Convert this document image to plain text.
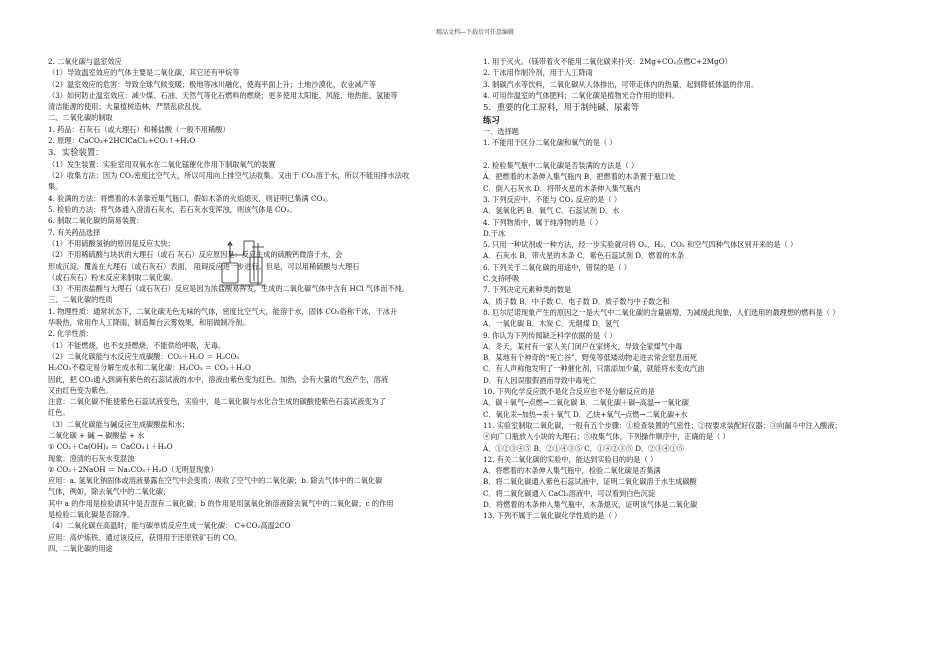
精品文档---下载后可任意编辑
2. 二氧化碳与温室效应
（1）导致温室效应的气体主要是二氧化碳，其它还有甲烷等
（2）温室效应的危害：导致全球气候变暖；极地等冰川融化，使海平面上升；土地沙漠化，农业减产等
（3）如何防止温室效应：减少煤、石油、天然气等化石燃料的燃烧；更多使用太阳能、风能、地热能、氢能等
清洁能源的使用；大量植树造林，严禁乱砍乱伐。
二、二氧化碳的制取
1. 药品：石灰石（或大理石）和稀盐酸（一般不用稀酸）
2. 原理：CaCO₃+2HClCaCl₂+CO₂↑+H₂O
3．实验装置：
（1）发生装置：实验室用双氧水在二氧化锰催化作用下制取氧气的装置
（2）收集方法：因为 CO₂密度比空气大，所以可用向上排空气法收集。又由于 CO₂溶于水，所以不能用排水法收
集。
4. 验满的方法：将燃着的木条靠近集气瓶口，假如木条的火焰熄灭，则证明已集满 CO₂。
5. 检验的方法：将气体通入澄清石灰水，若石灰水变浑浊，则该气体是 CO₂。
6. 制取二氧化碳的简易装置：
7. 有关药品选择
（1）不用硫酸氢钠的原因是反应太快；
（2）不用稀硫酸与块状的大理石（或石 灰石）反应原因是：反应生成的硫酸钙微溶于水，会
形成沉淀，覆盖在大理石（或石灰石）表面， 阻碍反应进一步进行。但是，可以用稀硫酸与大理石
（或石灰石）粉末反应来制取二氧化碳。
（3）不用浓盐酸与大理石（或石灰石）反应是因为浓盐酸易挥发，生成的二氧化碳气体中含有 HCl 气体而不纯。
三、二氧化碳的性质
1. 物理性质：通常状态下，二氧化碳无色无味的气体，密度比空气大，能溶于水，固体 CO₂俗称干冰，干冰升
华吸热，常用作人工降雨，制造舞台云雾效果，和用做制冷剂。
2. 化学性质：
（1）不能燃烧，也不支持燃烧，不能供给呼吸，无毒。
（2）二氧化碳能与水反应生成碳酸：CO₂＋H₂O ＝ H₂CO₃
H₂CO₃不稳定易分解生成水和二氧化碳：H₂CO₃ ＝ CO₂＋H₂O
因此，把 CO₂通入到滴有紫色的石蕊试液的水中，溶液由紫色变为红色。加热，会有大量的气泡产生，溶液
又由红色变为紫色。
注意：二氧化碳不能使紫色石蕊试液变色，实验中，是二氧化碳与水化合生成的碳酸使紫色石蕊试液变为了
红色。
（3）二氧化碳能与碱反应生成碳酸盐和水；
二氧化碳 + 碱 → 碳酸盐 + 水
① CO₂＋Ca(OH)₂ ＝ CaCO₃↓＋H₂O
现象：澄清的石灰水变混浊
② CO₂＋2NaOH ＝ Na₂CO₃＋H₂O（无明显现象）
应用：a. 氢氧化钠固体或溶液暴露在空气中会变质；吸收了空气中的二氧化碳；b. 除去气体中的二氧化碳
气体，例如，除去氧气中的二氧化碳；
其中 a 的作用是检验请其中是否混有二氧化碳；b 的作用是用氢氧化钠溶液除去氧气中的二氧化碳；c 的作用
是检验二氧化碳是否除净。
（4）二氧化碳在高温时，能与碳单质反应生成一氧化碳： C+CO₂高温2CO
应用：高炉炼铁、通过该反应，获得用于还原铁矿石的 CO。
四、二氧化碳的用途
1. 用于灭火。（镁带着火不能用二氧化碳来扑灭：2Mg+CO₂点燃C+2MgO）
2. 干冰用作制冷剂，用于人工降雨
3. 制碳汽水等饮料，二氧化碳从人体排出，可带走体内的热量，起到降低体温的作用。
4. 可用作温室的气体肥料；二氧化碳是植物光合作用的原料。
5．重要的化工原料，用于制纯碱、尿素等
练习
一、选择题
1. 不能用于区分二氧化碳和氧气的是（ ）

2. 检验集气瓶中二氧化碳是否装满的方法是（ ）
A．把燃着的木条伸入集气瓶内 B．把燃着的木条置于瓶口处
C．倒入石灰水 D．将带火星的木条伸入集气瓶内
3. 下列反应中，不能与 CO₂ 反应的是（ ）
A．氢氧化钙 B．氧气 C．石蕊试剂 D．水
4. 下列物质中，属于纯净物的是（ ）
D.干冰
5. 只用一种试剂或一种方法，经一步实验就可将 O₂、H₂、CO₂ 和空气四种气体区别开来的是（ ）
A．石灰水 B．带火星的木条 C．紫色石蕊试剂 D．燃着的木条
6. 下列关于二氧化碳的用途中，错误的是（ ）
C.支持呼吸
7. 下列决定元素种类的数是
A．质子数 B．中子数 C．电子数 D．质子数与中子数之和
8. 厄尔尼诺现象产生的原因之一是大气中二氧化碳的含量剧增，为减缓此现象，人们选用的最理想的燃料是（ ）
A．一氧化碳 B．木炭 C．无烟煤 D．氢气
9. 你认为下列传闻缺乏科学依据的是（ ）
A．冬天，某村有一家人关门闭户在家烤火，导致全家煤气中毒
B．某地有个神奇的“死亡谷”，野兔等低矮动物走进去常会窒息而死
C．有人声称他发明了一种催化剂，只需添加少量，就能将水变成汽油
D．有人因误服假酒而导致中毒死亡
10. 下列化学反应既不是化合反应也不是分解反应的是
A．碳＋氧气─点燃→二氧化碳 B．二氧化碳＋碳─高温→一氧化碳
C．氧化汞─加热→汞＋氧气 D．乙炔+氧气─点燃→二氧化碳+水
11. 实验室制取二氧化碳，一般有五个步骤：①检查装置的气密性；②按要求装配好仪器；③向漏斗中注入酸液；
④向广口瓶放入小块的大理石；⑤收集气体，下列操作顺序中，正确的是（ ）
A．①②③④⑤ B．②①④③⑤ C．①④②③⑤ D．②③④①⑤
12. 有关二氧化碳的实验中，能达到实验目的的是（ ）
A．将燃着的木条伸入集气瓶中，检验二氧化碳是否集满
B．将二氧化碳通入紫色石蕊试液中，证明二氧化碳溶于水生成碳酸
C．将二氧化碳通入 CaCl₂溶液中，可以看到白色沉淀
D．将燃着的木条伸入集气瓶中，木条熄灭，证明该气体是二氧化碳
13. 下列不属于二氧化碳化学性质的是（ ）
